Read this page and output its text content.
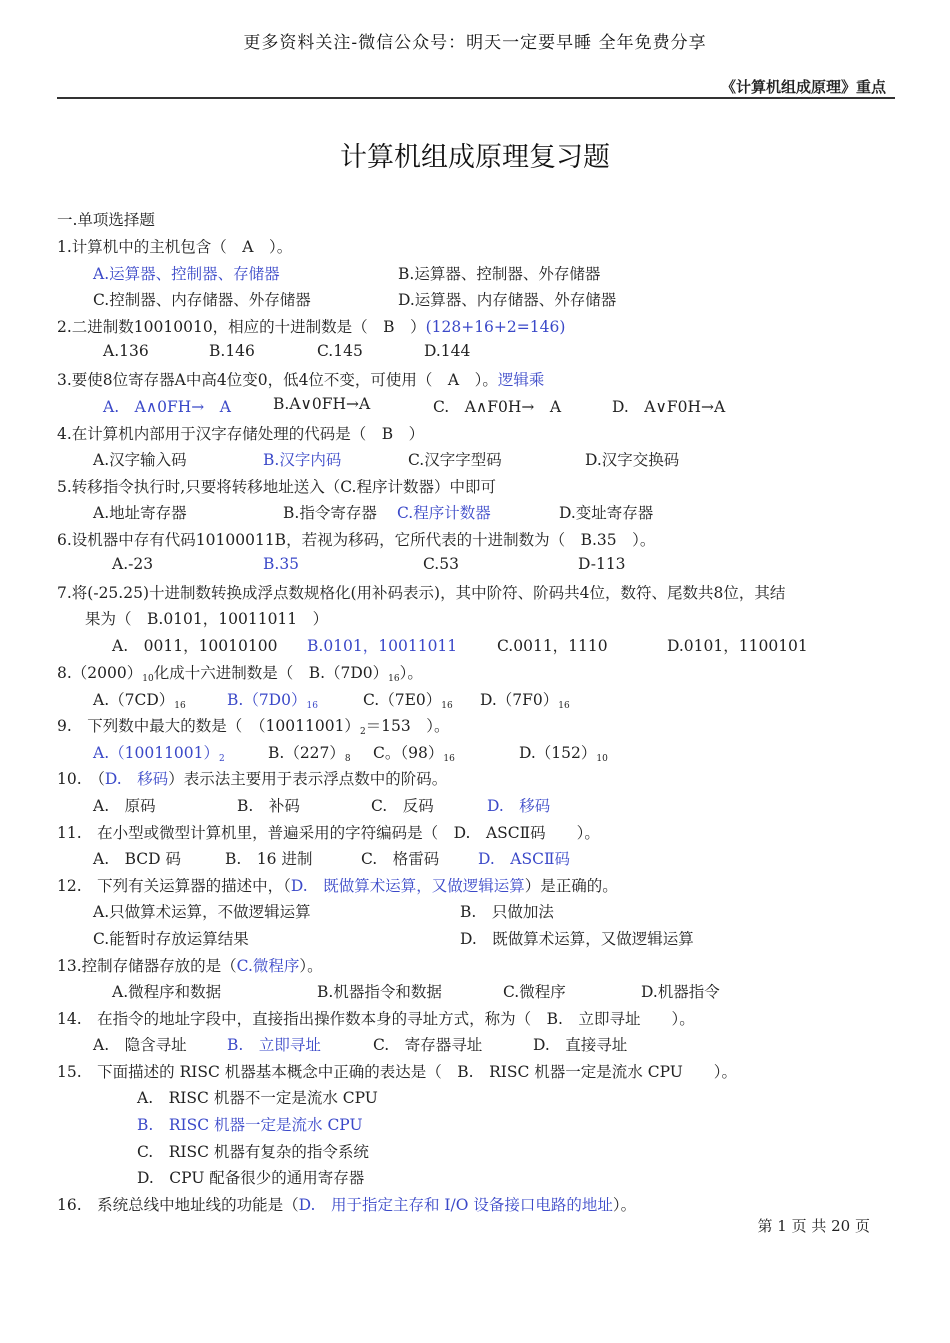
更多资料关注-微信公众号：明天一定要早睡 全年免费分享
《计算机组成原理》重点
计算机组成原理复习题
一.单项选择题
1.计算机中的主机包含（　A　）。
A.运算器、控制器、存储器	B.运算器、控制器、外存储器
C.控制器、内存储器、外存储器	D.运算器、内存储器、外存储器
2.二进制数10010010，相应的十进制数是（　B　）(128+16+2=146)
A.136	B.146	C.145	D.144
3.要使8位寄存器A中高4位变0，低4位不变，可使用（　A　）。逻辑乘
A.　A∧0FH→　A	B.A∨0FH→A	C.　A∧F0H→　A	D.　A∨F0H→A
4.在计算机内部用于汉字存储处理的代码是（　B　）
A.汉字输入码	B.汉字内码	C.汉字字型码	D.汉字交换码
5.转移指令执行时,只要将转移地址送入（C.程序计数器）中即可
A.地址寄存器	B.指令寄存器 C.程序计数器	D.变址寄存器
6.设机器中存有代码10100011B，若视为移码，它所代表的十进制数为（　B.35　）。
A.-23	B.35	C.53	D-113
7.将(-25.25)十进制数转换成浮点数规格化(用补码表示)，其中阶符、阶码共4位，数符、尾数共8位，其结
果为（　B.0101，10011011　）
A.　0011，10010100 B.0101，10011011	C.0011，1110	D.0101，1100101
$8.(2000)_{10}$化成十六进制数是（　$B.(7D0)_{16}$）。
$A.(7CD)_{16}$	$B.(7D0)_{16}$	$C.(7E0)_{16}$ $D.(7F0)_{16}$
9.　下列数中最大的数是（　$(10011001)_2=153$　）。
$A.(10011001)_2$	$B.(227)_8$ C。$(98)_{16}$	$D.(152)_{10}$
10.　（D.　移码）表示法主要用于表示浮点数中的阶码。
A.　原码	B.　补码	C.　反码	D.　移码
11.　在小型或微型计算机里，普遍采用的字符编码是（　D.　ASCⅡ码　　）。
A.　BCD 码	B.　16 进制	C.　格雷码	D.　ASCⅡ码
12.　下列有关运算器的描述中，（D.　既做算术运算，又做逻辑运算）是正确的。
A.只做算术运算，不做逻辑运算	B.　只做加法
C.能暂时存放运算结果	D.　既做算术运算，又做逻辑运算
13.控制存储器存放的是（C.微程序）。
A.微程序和数据	B.机器指令和数据	C.微程序	D.机器指令
14.　在指令的地址字段中，直接指出操作数本身的寻址方式，称为（　B.　立即寻址　　）。
A.　隐含寻址	B.　立即寻址	C.　寄存器寻址	D.　直接寻址
15.　下面描述的 RISC 机器基本概念中正确的表达是（　B.　RISC 机器一定是流水 CPU　　）。
A.　RISC 机器不一定是流水 CPU
B.　RISC 机器一定是流水 CPU
C.　RISC 机器有复杂的指令系统
D.　CPU 配备很少的通用寄存器
16.　系统总线中地址线的功能是（D.　用于指定主存和 I/O 设备接口电路的地址）。
第 1 页 共 20 页
